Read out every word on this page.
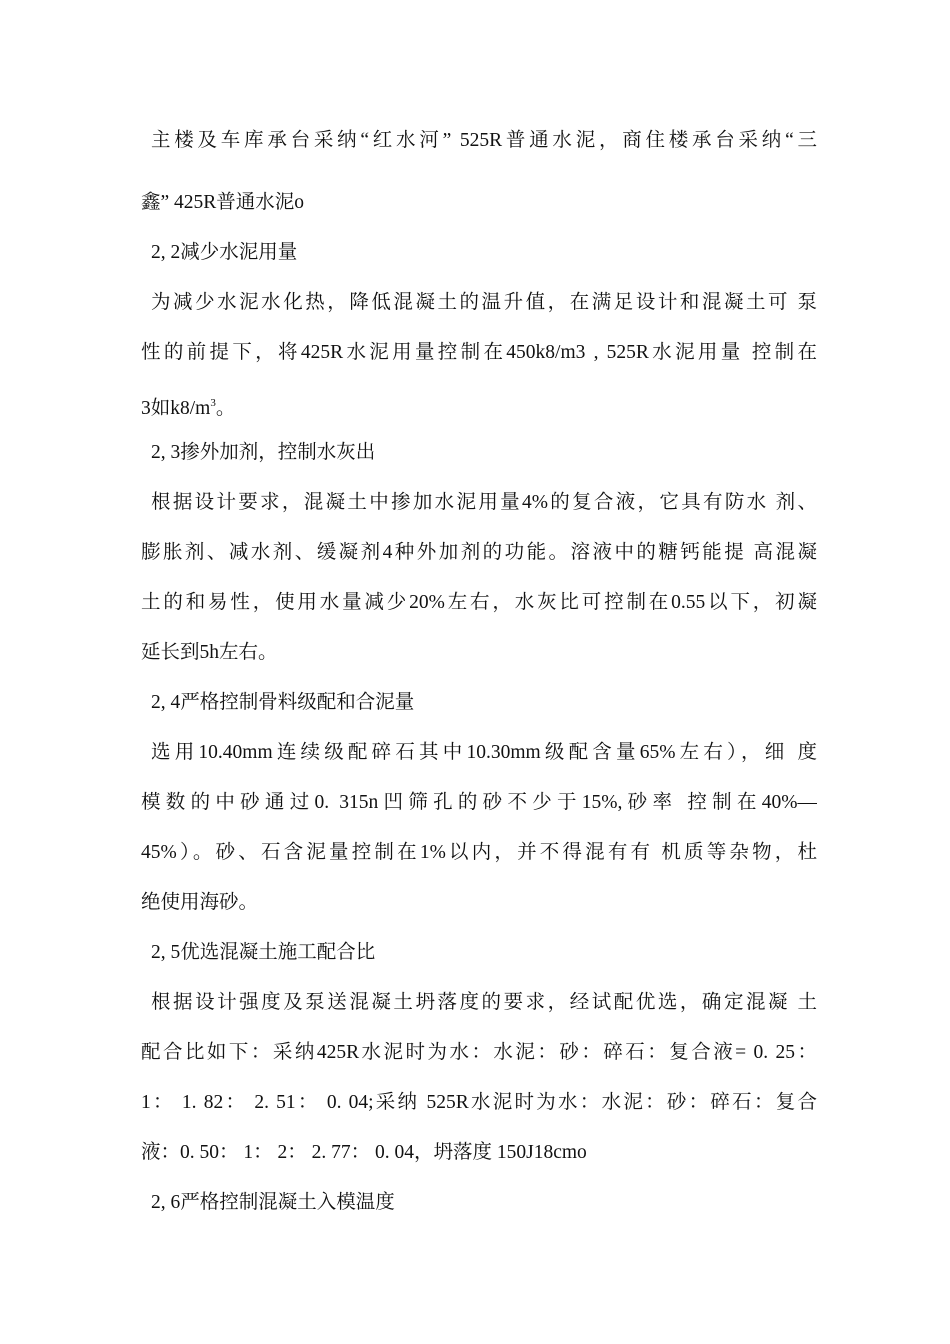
主楼及车库承台采纳“红水河” 525R普通水泥，商住楼承台采纳“三
鑫” 425R普通水泥o
2, 2减少水泥用量
为减少水泥水化热，降低混凝土的温升值，在满足设计和混凝土可 泵
性的前提下，将425R水泥用量控制在450k8/m3 , 525R水泥用量 控制在
3如$k8/m^3$。
2, 3掺外加剂，控制水灰出
根据设计要求，混凝土中掺加水泥用量4%的复合液，它具有防水 剂、
膨胀剂、减水剂、缓凝剂4种外加剂的功能。溶液中的糖钙能提 高混凝
土的和易性，使用水量减少20%左右，水灰比可控制在0.55以下，初凝
延长到5h左右。
2, 4严格控制骨料级配和合泥量
选用10.40mm连续级配碎石其中10.30mm级配含量65%左右），细 度
模数的中砂通过0. 315n凹筛孔的砂不少于15%,砂率 控制在40%—
45%）。砂、石含泥量控制在1%以内，并不得混有有 机质等杂物，杜
绝使用海砂。
2, 5优选混凝土施工配合比
根据设计强度及泵送混凝土坍落度的要求，经试配优选，确定混凝 土
配合比如下：采纳425R水泥时为水：水泥：砂：碎石：复合液= 0. 25：
1： 1. 82： 2. 51： 0. 04;采纳 525R水泥时为水：水泥：砂：碎石：复合
液：0. 50： 1： 2： 2. 77： 0. 04，坍落度 150J18cmo
2, 6严格控制混凝土入模温度
